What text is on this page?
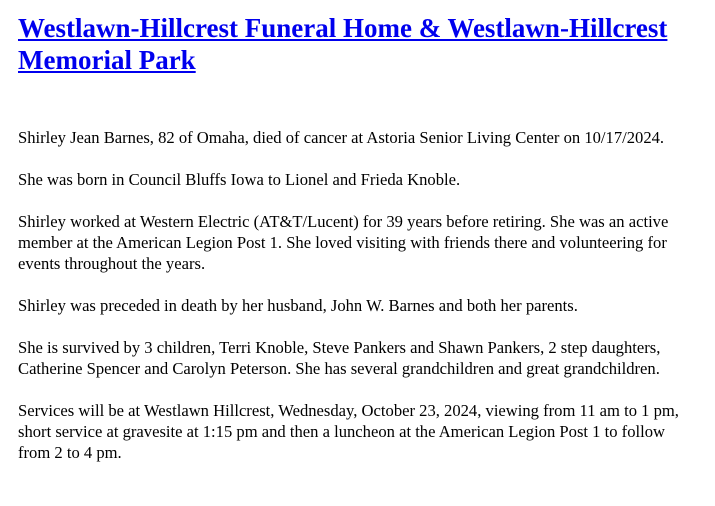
Westlawn-Hillcrest Funeral Home & Westlawn-Hillcrest Memorial Park

Shirley Jean Barnes, 82 of Omaha, died of cancer at Astoria Senior Living Center on 10/17/2024.

She was born in Council Bluffs Iowa to Lionel and Frieda Knoble.

Shirley worked at Western Electric (AT&T/Lucent) for 39 years before retiring. She was an active member at the American Legion Post 1. She loved visiting with friends there and volunteering for events throughout the years.

Shirley was preceded in death by her husband, John W. Barnes and both her parents.

She is survived by 3 children, Terri Knoble, Steve Pankers and Shawn Pankers, 2 step daughters, Catherine Spencer and Carolyn Peterson. She has several grandchildren and great grandchildren.

Services will be at Westlawn Hillcrest, Wednesday, October 23, 2024, viewing from 11 am to 1 pm, short service at gravesite at 1:15 pm and then a luncheon at the American Legion Post 1 to follow from 2 to 4 pm.
